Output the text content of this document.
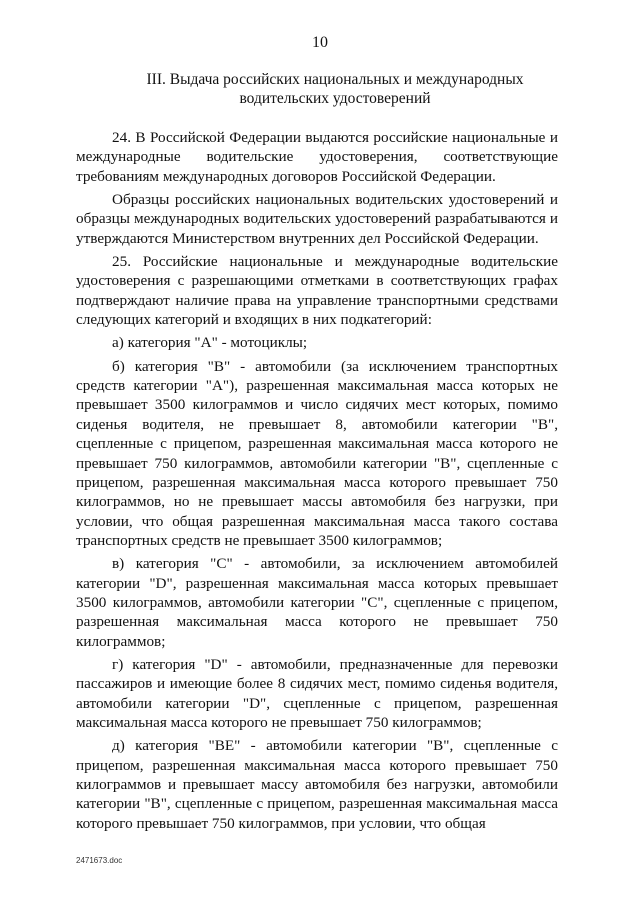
10
III. Выдача российских национальных и международных водительских удостоверений

24. В Российской Федерации выдаются российские национальные и международные водительские удостоверения, соответствующие требованиям международных договоров Российской Федерации.

Образцы российских национальных водительских удостоверений и образцы международных водительских удостоверений разрабатываются и утверждаются Министерством внутренних дел Российской Федерации.

25. Российские национальные и международные водительские удостоверения с разрешающими отметками в соответствующих графах подтверждают наличие права на управление транспортными средствами следующих категорий и входящих в них подкатегорий:

а) категория "A" - мотоциклы;

б) категория "B" - автомобили (за исключением транспортных средств категории "A"), разрешенная максимальная масса которых не превышает 3500 килограммов и число сидячих мест которых, помимо сиденья водителя, не превышает 8, автомобили категории "B", сцепленные с прицепом, разрешенная максимальная масса которого не превышает 750 килограммов, автомобили категории "B", сцепленные с прицепом, разрешенная максимальная масса которого превышает 750 килограммов, но не превышает массы автомобиля без нагрузки, при условии, что общая разрешенная максимальная масса такого состава транспортных средств не превышает 3500 килограммов;

в) категория "C" - автомобили, за исключением автомобилей категории "D", разрешенная максимальная масса которых превышает 3500 килограммов, автомобили категории "C", сцепленные с прицепом, разрешенная максимальная масса которого не превышает 750 килограммов;

г) категория "D" - автомобили, предназначенные для перевозки пассажиров и имеющие более 8 сидячих мест, помимо сиденья водителя, автомобили категории "D", сцепленные с прицепом, разрешенная максимальная масса которого не превышает 750 килограммов;

д) категория "BE" - автомобили категории "B", сцепленные с прицепом, разрешенная максимальная масса которого превышает 750 килограммов и превышает массу автомобиля без нагрузки, автомобили категории "B", сцепленные с прицепом, разрешенная максимальная масса которого превышает 750 килограммов, при условии, что общая

2471673.doc
